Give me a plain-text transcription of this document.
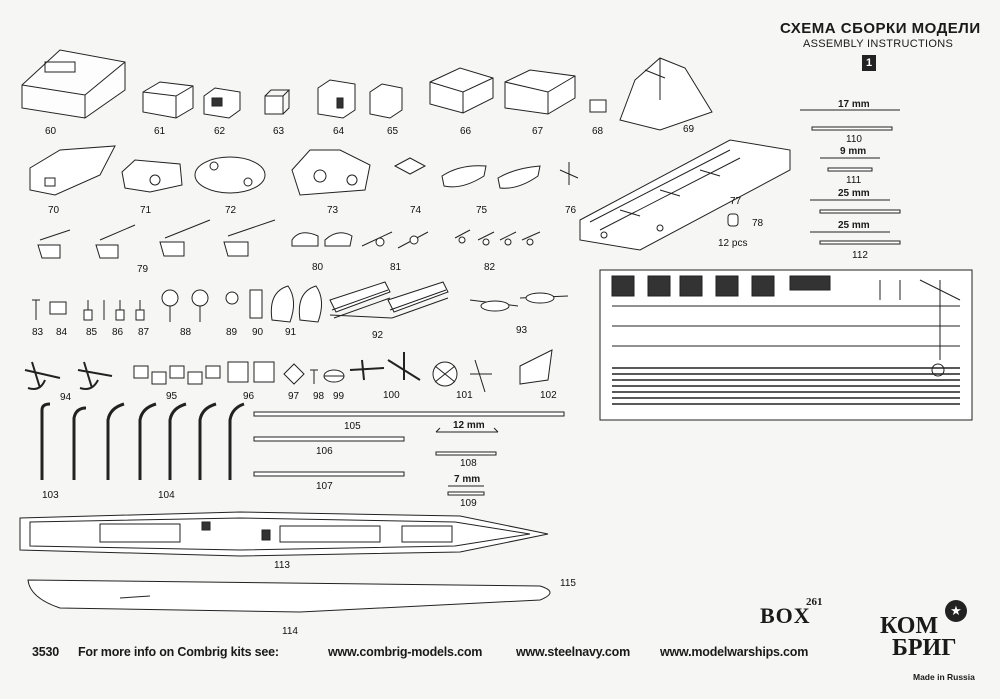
СХЕМА СБОРКИ МОДЕЛИ
ASSEMBLY INSTRUCTIONS
1
60	61	62	63	64	65	66	67	68	69
70	71	72	73	74	75	76
77
78
12 pcs
79	80	81	82
83 84 85 86 87	88	89 90 91	92	93
94	95	96	97 98 99	100	101	102
103	104
105
106
107
108
109
110
111
112
113
114
115
17 mm
9 mm
25 mm
25 mm
12 mm
7 mm
261
BOX
3530 For more info on Combrig kits see:	www.combrig-models.com	www.steelnavy.com www.modelwarships.com
КОМ
БРИГ
★
Made in Russia
